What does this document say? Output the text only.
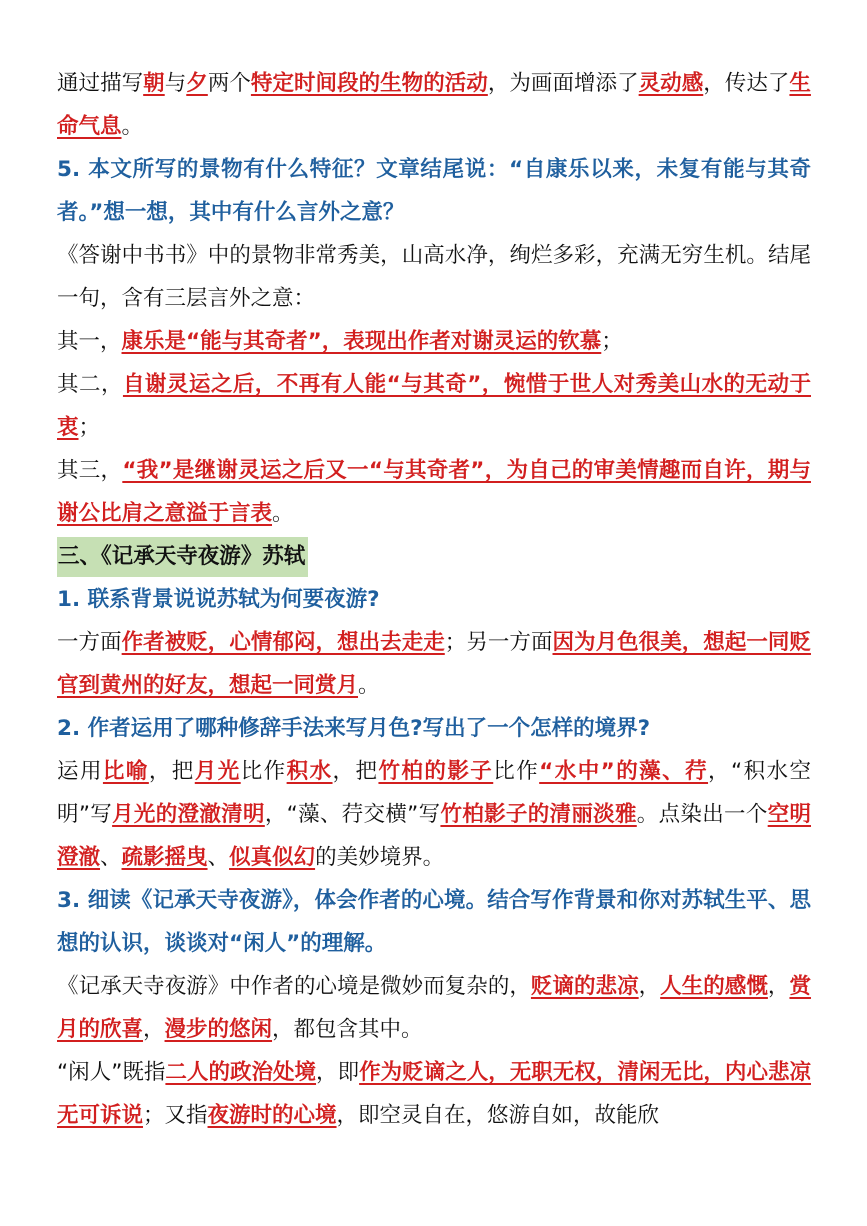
通过描写朝与夕两个特定时间段的生物的活动，为画面增添了灵动感，传达了生命气息。

5. 本文所写的景物有什么特征？文章结尾说：“自康乐以来，未复有能与其奇者。”想一想，其中有什么言外之意？

《答谢中书书》中的景物非常秀美，山高水净，绚烂多彩，充满无穷生机。结尾一句，含有三层言外之意：

其一，康乐是“能与其奇者”，表现出作者对谢灵运的钦慕；

其二，自谢灵运之后，不再有人能“与其奇”，惋惜于世人对秀美山水的无动于衷；

其三，“我”是继谢灵运之后又一“与其奇者”，为自己的审美情趣而自许，期与谢公比肩之意溢于言表。

三、《记承天寺夜游》苏轼

1. 联系背景说说苏轼为何要夜游?

一方面作者被贬，心情郁闷，想出去走走；另一方面因为月色很美，想起一同贬官到黄州的好友，想起一同赏月。

2. 作者运用了哪种修辞手法来写月色?写出了一个怎样的境界?

运用比喻，把月光比作积水，把竹柏的影子比作“水中”的藻、荇，“积水空明”写月光的澄澈清明，“藻、荇交横”写竹柏影子的清丽淡雅。点染出一个空明澄澈、疏影摇曳、似真似幻的美妙境界。

3. 细读《记承天寺夜游》，体会作者的心境。结合写作背景和你对苏轼生平、思想的认识，谈谈对“闲人”的理解。

《记承天寺夜游》中作者的心境是微妙而复杂的，贬谪的悲凉，人生的感慨，赏月的欣喜，漫步的悠闲，都包含其中。

“闲人”既指二人的政治处境，即作为贬谪之人，无职无权，清闲无比，内心悲凉无可诉说；又指夜游时的心境，即空灵自在，悠游自如，故能欣
